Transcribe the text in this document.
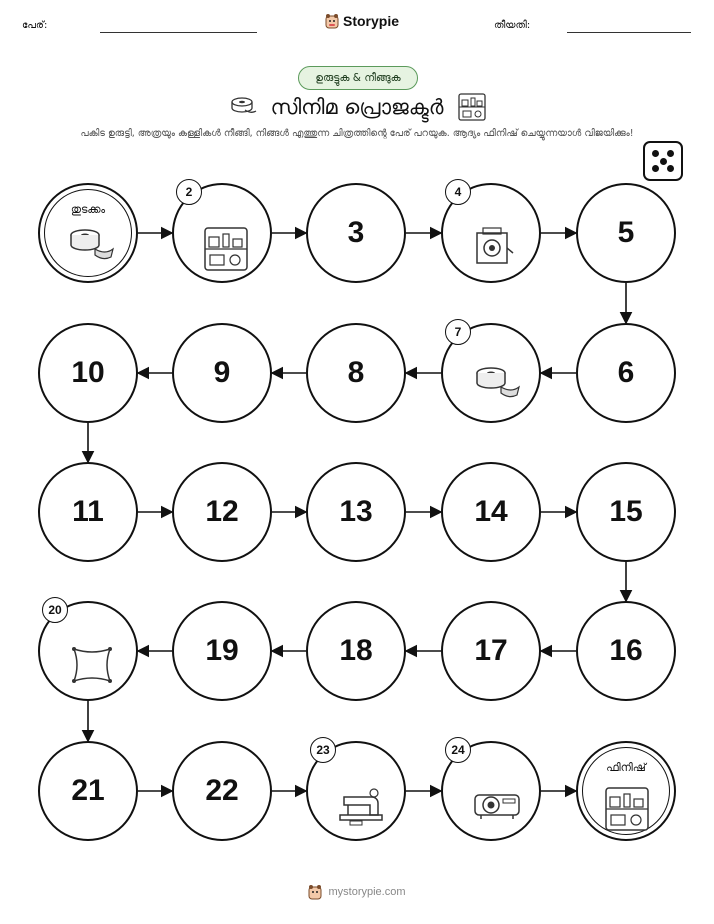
പേര്:	തീയതി:
Storypie
ഉരുട്ടുക & നീങ്ങുക
സിനിമ പ്രൊജക്ടർ
പകിട ഉരുട്ടി, അത്രയും കള്ളികൾ നീങ്ങി, നിങ്ങൾ എത്തുന്ന ചിത്രത്തിന്റെ പേര് പറയുക. ആദ്യം ഫിനിഷ് ചെയ്യുന്നയാൾ വിജയിക്കും!
തുടക്കം
2
3
4
5
6
7
8
9
10
11	12	13	14	15
16
17
18
19
20
21	22
23	24
ഫിനിഷ്
mystorypie.com
